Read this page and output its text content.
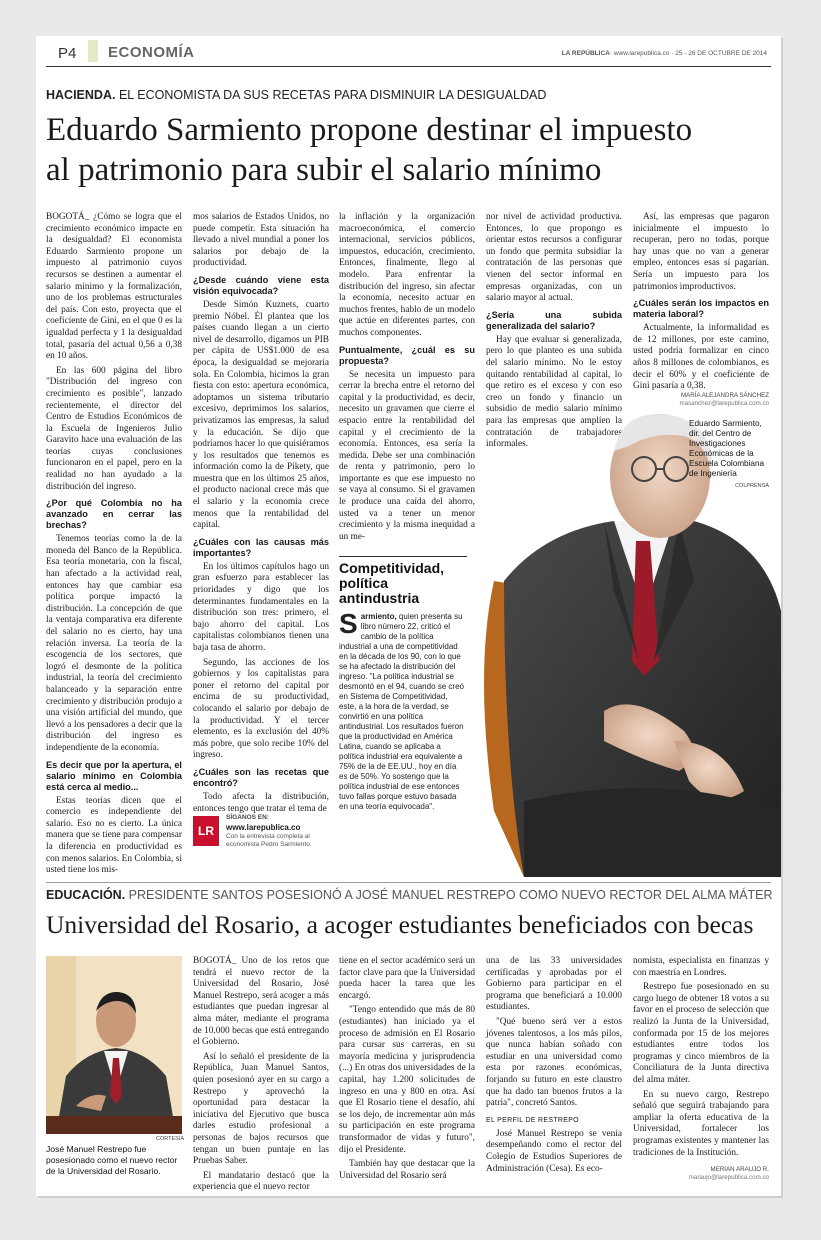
P4 ECONOMÍA	LA REPÚBLICA· www.larepublica.co · 25 - 26 DE OCTUBRE DE 2014
HACIENDA. EL ECONOMISTA DA SUS RECETAS PARA DISMINUIR LA DESIGUALDAD
Eduardo Sarmiento propone destinar el impuesto
al patrimonio para subir el salario mínimo

BOGOTÁ_ ¿Cómo se logra que el crecimiento económico impacte en la desigualdad? El economista Eduardo Sarmiento propone un impuesto al patrimonio cuyos recursos se destinen a aumentar el salario mínimo y la formalización, uno de los problemas estructurales del país. Con esto, proyecta que el coeficiente de Gini, en el que 0 es la igualdad perfecta y 1 la desigualdad total, pasaría del actual 0,56 a 0,38 en 10 años.

En las 600 página del libro "Distribución del ingreso con crecimiento es posible", lanzado recientemente, el director del Centro de Estudios Económicos de la Escuela de Ingenieros Julio Garavito hace una evaluación de las teorías cuyas conclusiones funcionaron en el papel, pero en la realidad no han ayudado a la distribución del ingreso.

¿Por qué Colombia no ha avanzado en cerrar las brechas?

Tenemos teorías como la de la moneda del Banco de la República. Esa teoría monetaria, con la fiscal, han afectado a la actividad real, entonces hay que cambiar esa política porque impactó la distribución. La concepción de que la ventaja comparativa era diferente del salario no es cierto, hay una relación inversa. La teoría de la escogencia de los sectores, que logró el desmonte de la política industrial, la teoría del crecimiento balanceado y la separación entre crecimiento y distribución produjo a una visión artificial del mundo, que llevó a los pensadores a decir que la distribución del ingreso es independiente de la economía.

Es decir que por la apertura, el salario mínimo en Colombia está cerca al medio...

Estas teorías dicen que el comercio es independiente del salario. Eso no es cierto. La única manera que se tiene para compensar la diferencia en productividad es con menos salarios. En Colombia, si usted tiene los mis-

mos salarios de Estados Unidos, no puede competir. Esta situación ha llevado a nivel mundial a poner los salarios por debajo de la productividad.

¿Desde cuándo viene esta visión equivocada?

Desde Simón Kuznets, cuarto premio Nóbel. Él plantea que los países cuando llegan a un cierto nivel de desarrollo, digamos un PIB per cápita de US$1.000 de esa época, la desigualdad se mejoraría sola. En Colombia, hicimos la gran fiesta con esto: apertura económica, adoptamos un sistema tributario excesivo, deprimimos los salarios, privatizamos las empresas, la salud y la educación. Se dijo que podríamos hacer lo que quisiéramos y los resultados que tenemos es información como la de Pikety, que muestra que en los últimos 25 años, el producto nacional crece más que el salario y la economía crece menos que la rentabilidad del capital.

¿Cuáles con las causas más importantes?

En los últimos capítulos hago un gran esfuerzo para establecer las prioridades y digo que los determinantes fundamentales en la distribución son tres: primero, el bajo ahorro del capital. Los capitalistas colombianos tienen una baja tasa de ahorro.

Segundo, las acciones de los gobiernos y los capitalistas para poner el retorno del capital por encima de su productividad, colocando el salario por debajo de la productividad. Y el tercer elemento, es la exclusión del 40% más pobre, que solo recibe 10% del ingreso.

¿Cuáles son las recetas que encontró?

Todo afecta la distribución, entonces tengo que tratar el tema de

LR
SÍGANOS EN:
www.larepublica.co
Con la entrevista completa al economista Pedro Sarmiento.

la inflación y la organización macroeconómica, el comercio internacional, servicios públicos, impuestos, educación, crecimiento. Entonces, finalmente, llego al modelo. Para enfrentar la distribución del ingreso, sin afectar la economía, necesito actuar en muchos frentes, hablo de un modelo que actúe en diferentes partes, con muchos componentes.

Puntualmente, ¿cuál es su propuesta?

Se necesita un impuesto para cerrar la brecha entre el retorno del capital y la productividad, es decir, necesito un gravamen que cierre el espacio entre la rentabilidad del capital y el crecimiento de la economía. Entonces, esa sería la medida. Debe ser una combinación de renta y patrimonio, pero lo importante es que ese impuesto no se vaya al consumo. Si el gravamen le produce una caída del ahorro, usted va a tener un menor crecimiento y la misma inequidad a un me-

nor nivel de actividad productiva. Entonces, lo que propongo es orientar estos recursos a configurar un fondo que permita subsidiar la contratación de las personas que vienen del sector informal en empresas organizadas, con un salario mayor al actual.

¿Sería una subida generalizada del salario?

Hay que evaluar si generalizada, pero lo que planteo es una subida del salario mínimo. No le estoy quitando rentabilidad al capital, lo que retiro es el exceso y con eso creo un fondo y financio un subsidio de medio salario mínimo para las empresas que amplíen la contratación de trabajadores informales.

Así, las empresas que pagaron inicialmente el impuesto lo recuperan, pero no todas, porque hay unas que no van a generar empleo, entonces esas sí pagarían. Sería un impuesto para los patrimonios improductivos.

¿Cuáles serán los impactos en materia laboral?

Actualmente, la informalidad es de 12 millones, por este camino, usted podría formalizar en cinco años 8 millones de colombianos, es decir el 60% y el coeficiente de Gini pasaría a 0,38.

MARÍA ALEJANDRA SÁNCHEZ
masanchez@larepublica.com.co
Eduardo Sarmiento, dir. del Centro de Investigaciones Económicas de la Escuela Colombiana de Ingeniería
COLPRENSA
Competitividad, política antindustria
Sarmiento, quien presenta su libro número 22, criticó el cambio de la política industrial a una de competitividad en la década de los 90, con lo que se ha afectado la distribución del ingreso. "La política industrial se desmontó en el 94, cuando se creó en Sistema de Competitividad, este, a la hora de la verdad, se convirtió en una política antindustrial. Los resultados fueron que la productividad en América Latina, cuando se aplicaba a política industrial era equivalente a 75% de la de EE.UU., hoy en día es de 50%. Yo sostengo que la política industrial de ese entonces tuvo fallas porque estuvo basada en una teoría equivocada".
EDUCACIÓN. PRESIDENTE SANTOS POSESIONÓ A JOSÉ MANUEL RESTREPO COMO NUEVO RECTOR DEL ALMA MÁTER
Universidad del Rosario, a acoger estudiantes beneficiados con becas
CORTESÍA
José Manuel Restrepo fue posesionado como el nuevo rector de la Universidad del Rosario.

BOGOTÁ_ Uno de los retos que tendrá el nuevo rector de la Universidad del Rosario, José Manuel Restrepo, será acoger a más estudiantes que puedan ingresar al alma máter, mediante el programa de 10.000 becas que está entregando el Gobierno.

Así lo señaló el presidente de la República, Juan Manuel Santos, quien posesionó ayer en su cargo a Restrepo y aprovechó la oportunidad para destacar la iniciativa del Ejecutivo que busca darles estudio profesional a personas de bajos recursos que tengan un buen puntaje en las Pruebas Saber.

El mandatario destacó que la experiencia que el nuevo rector

tiene en el sector académico será un factor clave para que la Universidad pueda hacer la tarea que les encargó.

"Tengo entendido que más de 80 (estudiantes) han iniciado ya el proceso de admisión en El Rosario para cursar sus carreras, en su mayoría medicina y jurisprudencia (...) En otras dos universidades de la capital, hay 1.200 solicitudes de ingreso en una y 800 en otra. Así que El Rosario tiene el desafío, ahí se los dejo, de incrementar aún más su participación en este programa transformador de vidas y futuro", dijo el Presidente.

También hay que destacar que la Universidad del Rosario será

una de las 33 universidades certificadas y aprobadas por el Gobierno para participar en el programa que beneficiará a 10.000 estudiantes.

"Qué bueno será ver a estos jóvenes talentosos, a los más pilos, que nunca habían soñado con estudiar en una universidad como esta por razones económicas, forjando su futuro en este claustro que ha dado tan buenos frutos a la patria", concretó Santos.

EL PERFIL DE RESTREPO

José Manuel Restrepo se venía desempeñando como el rector del Colegio de Estudios Superiores de Administración (Cesa). Es eco-

nomista, especialista en finanzas y con maestría en Londres.

Restrepo fue posesionado en su cargo luego de obtener 18 votos a su favor en el proceso de selección que realizó la Junta de la Universidad, conformada por 15 de los mejores estudiantes entre todos los programas y cinco miembros de la Conciliatura de la Junta directiva del alma máter.

En su nuevo cargo, Restrepo señaló que seguirá trabajando para ampliar la oferta educativa de la Universidad, fortalecer los programas existentes y mantener las tradiciones de la Institución.

MERIAN ARAUJO R.
maraujo@larepublica.com.co
